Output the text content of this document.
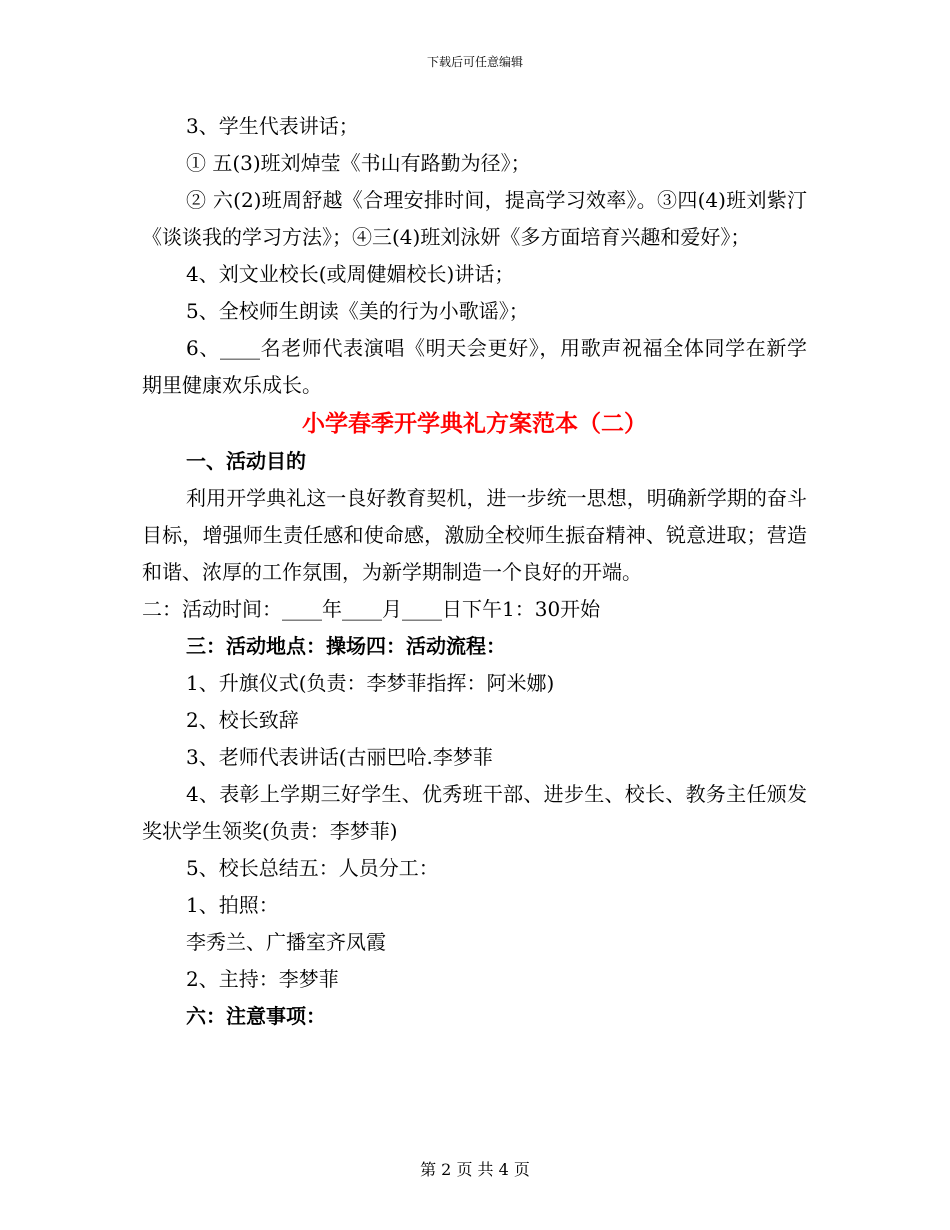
下载后可任意编辑

3、学生代表讲话；

① 五(3)班刘焯莹《书山有路勤为径》；

② 六(2)班周舒越《合理安排时间，提高学习效率》。③四(4)班刘紫汀《谈谈我的学习方法》；④三(4)班刘泳妍《多方面培育兴趣和爱好》；

4、刘文业校长(或周健媚校长)讲话；

5、全校师生朗读《美的行为小歌谣》；

6、____名老师代表演唱《明天会更好》，用歌声祝福全体同学在新学期里健康欢乐成长。

小学春季开学典礼方案范本（二）

一、活动目的

利用开学典礼这一良好教育契机，进一步统一思想，明确新学期的奋斗目标，增强师生责任感和使命感，激励全校师生振奋精神、锐意进取；营造和谐、浓厚的工作氛围，为新学期制造一个良好的开端。

二：活动时间：____年____月____日下午1：30开始

三：活动地点：操场四：活动流程：

1、升旗仪式(负责：李梦菲指挥：阿米娜)

2、校长致辞

3、老师代表讲话(古丽巴哈.李梦菲

4、表彰上学期三好学生、优秀班干部、进步生、校长、教务主任颁发奖状学生领奖(负责：李梦菲)

5、校长总结五：人员分工：

1、拍照：

李秀兰、广播室齐凤霞

2、主持：李梦菲

六：注意事项：

第 2 页 共 4 页
